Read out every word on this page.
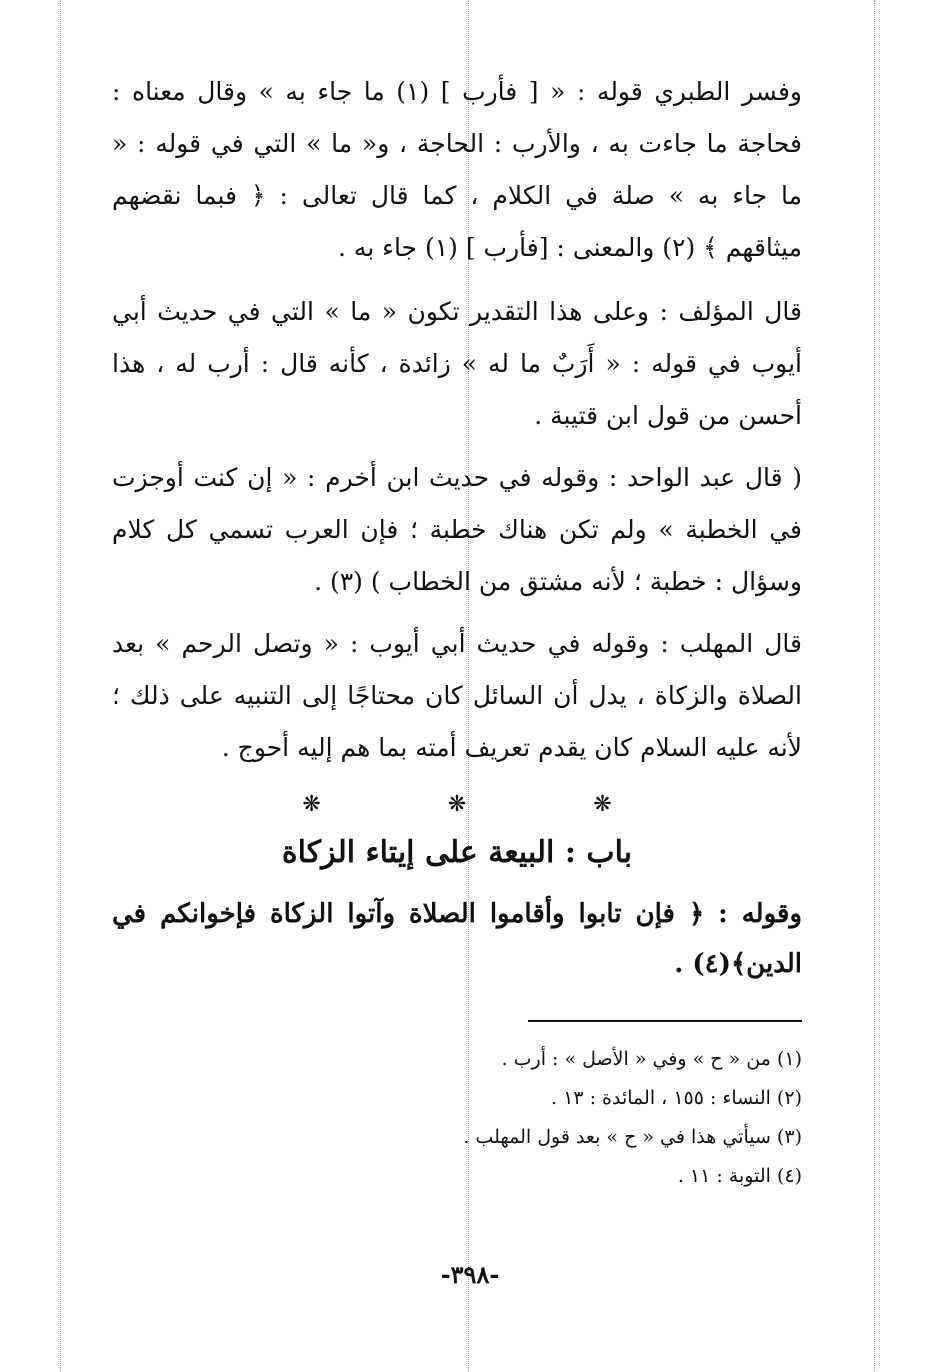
وفسر الطبري قوله : « [ فأرب ] (١) ما جاء به » وقال معناه : فحاجة ما جاءت به ، والأرب : الحاجة ، و« ما » التي في قوله : « ما جاء به » صلة في الكلام ، كما قال تعالى : ﴿ فبما نقضهم ميثاقهم ﴾ (٢) والمعنى : [فأرب ] (١) جاء به .

قال المؤلف : وعلى هذا التقدير تكون « ما » التي في حديث أبي أيوب في قوله : « أَرَبٌ ما له » زائدة ، كأنه قال : أرب له ، هذا أحسن من قول ابن قتيبة .

( قال عبد الواحد : وقوله في حديث ابن أخرم : « إن كنت أوجزت في الخطبة » ولم تكن هناك خطبة ؛ فإن العرب تسمي كل كلام وسؤال : خطبة ؛ لأنه مشتق من الخطاب ) (٣) .

قال المهلب : وقوله في حديث أبي أيوب : « وتصل الرحم » بعد الصلاة والزكاة ، يدل أن السائل كان محتاجًا إلى التنبيه على ذلك ؛ لأنه عليه السلام كان يقدم تعريف أمته بما هم إليه أحوج .

❋ ❋ ❋
باب : البيعة على إيتاء الزكاة

وقوله : ﴿ فإن تابوا وأقاموا الصلاة وآتوا الزكاة فإخوانكم في الدين﴾(٤) .

(١) من « ح » وفي « الأصل » : أرب .

(٢) النساء : ١٥٥ ، المائدة : ١٣ .

(٣) سيأتي هذا في « ح » بعد قول المهلب .

(٤) التوبة : ١١ .

-٣٩٨-
